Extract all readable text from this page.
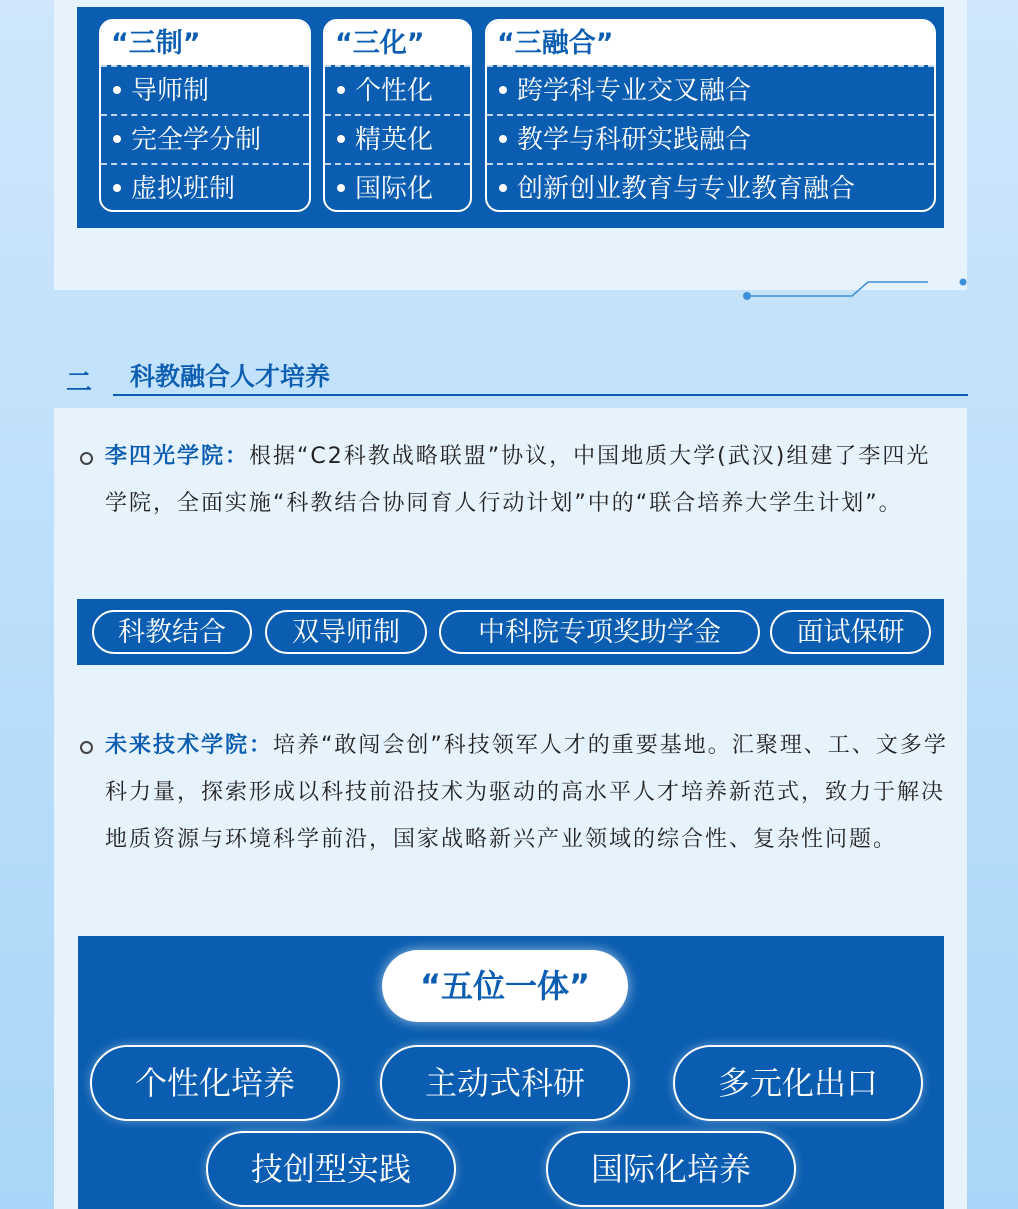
“三制”
导师制
完全学分制
虚拟班制
“三化”
个性化
精英化
国际化
“三融合”
跨学科专业交叉融合
教学与科研实践融合
创新创业教育与专业教育融合
二 科教融合人才培养
李四光学院：根据“C2科教战略联盟”协议，中国地质大学(武汉)组建了李四光学院，全面实施“科教结合协同育人行动计划”中的“联合培养大学生计划”。
科教结合	双导师制	中科院专项奖助学金	面试保研
未来技术学院：培养“敢闯会创”科技领军人才的重要基地。汇聚理、工、文多学科力量，探索形成以科技前沿技术为驱动的高水平人才培养新范式，致力于解决地质资源与环境科学前沿，国家战略新兴产业领域的综合性、复杂性问题。
“五位一体”
个性化培养	主动式科研	多元化出口
技创型实践	国际化培养
